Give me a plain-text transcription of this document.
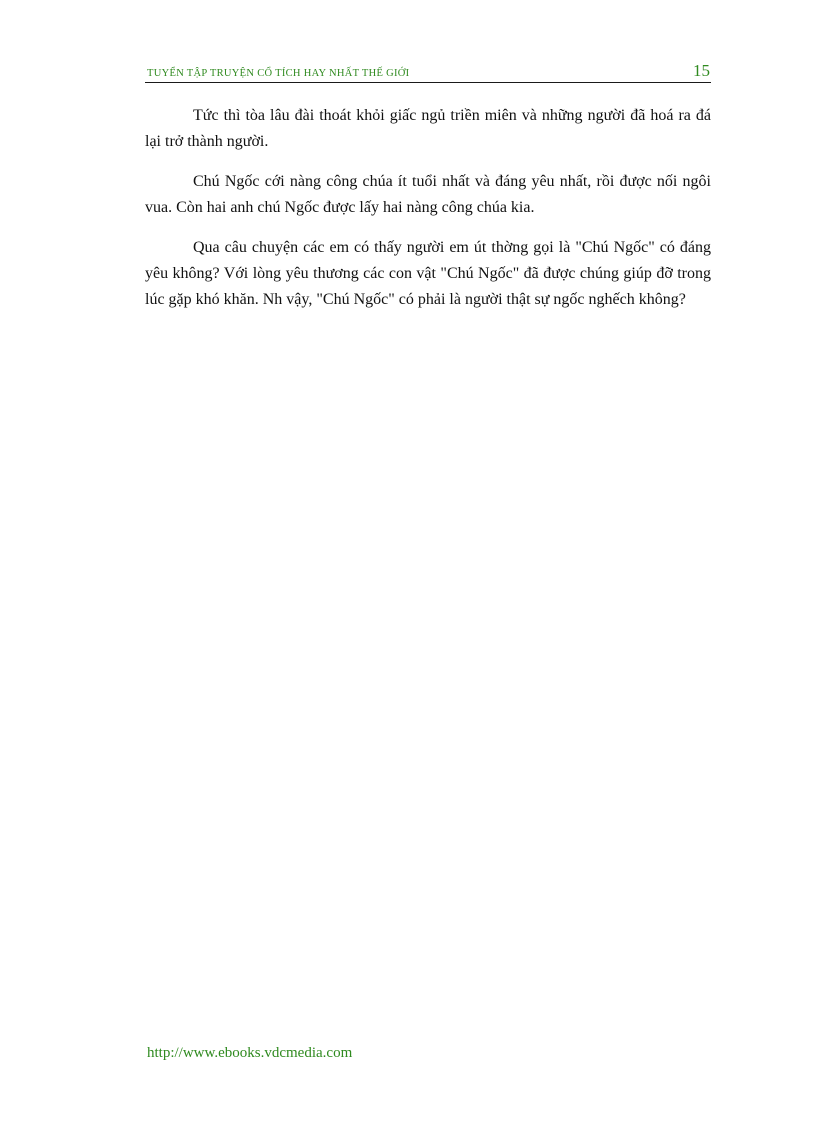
TUYỂN TẬP TRUYỆN CỔ TÍCH HAY NHẤT THẾ GIỚI	15

Tức thì tòa lâu đài thoát khỏi giấc ngủ triền miên và những người đã hoá ra đá lại trở thành người.

Chú Ngốc cới nàng công chúa ít tuổi nhất và đáng yêu nhất, rồi được nối ngôi vua. Còn hai anh chú Ngốc được lấy hai nàng công chúa kia.

Qua câu chuyện các em có thấy người em út thờng gọi là "Chú Ngốc" có đáng yêu không? Với lòng yêu thương các con vật "Chú Ngốc" đã được chúng giúp đỡ trong lúc gặp khó khăn. Nh vậy, "Chú Ngốc" có phải là người thật sự ngốc nghếch không?

http://www.ebooks.vdcmedia.com
